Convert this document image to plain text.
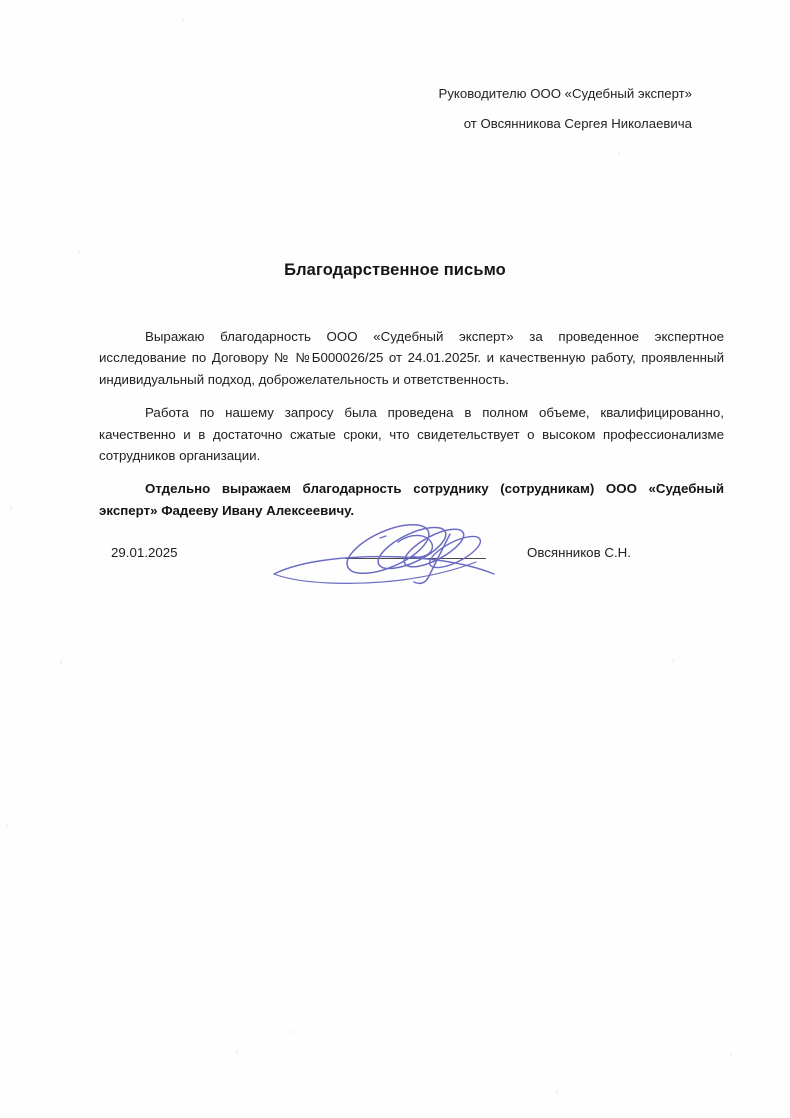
Руководителю ООО «Судебный эксперт»
от Овсянникова Сергея Николаевича
Благодарственное письмо

Выражаю благодарность ООО «Судебный эксперт» за проведенное экспертное исследование по Договору № №Б000026/25 от 24.01.2025г. и качественную работу, проявленный индивидуальный подход, доброжелательность и ответственность.

Работа по нашему запросу была проведена в полном объеме, квалифицированно, качественно и в достаточно сжатые сроки, что свидетельствует о высоком профессионализме сотрудников организации.

Отдельно выражаем благодарность сотруднику (сотрудникам) ООО «Судебный эксперт» Фадееву Ивану Алексеевичу.

29.01.2025	Овсянников С.Н.
